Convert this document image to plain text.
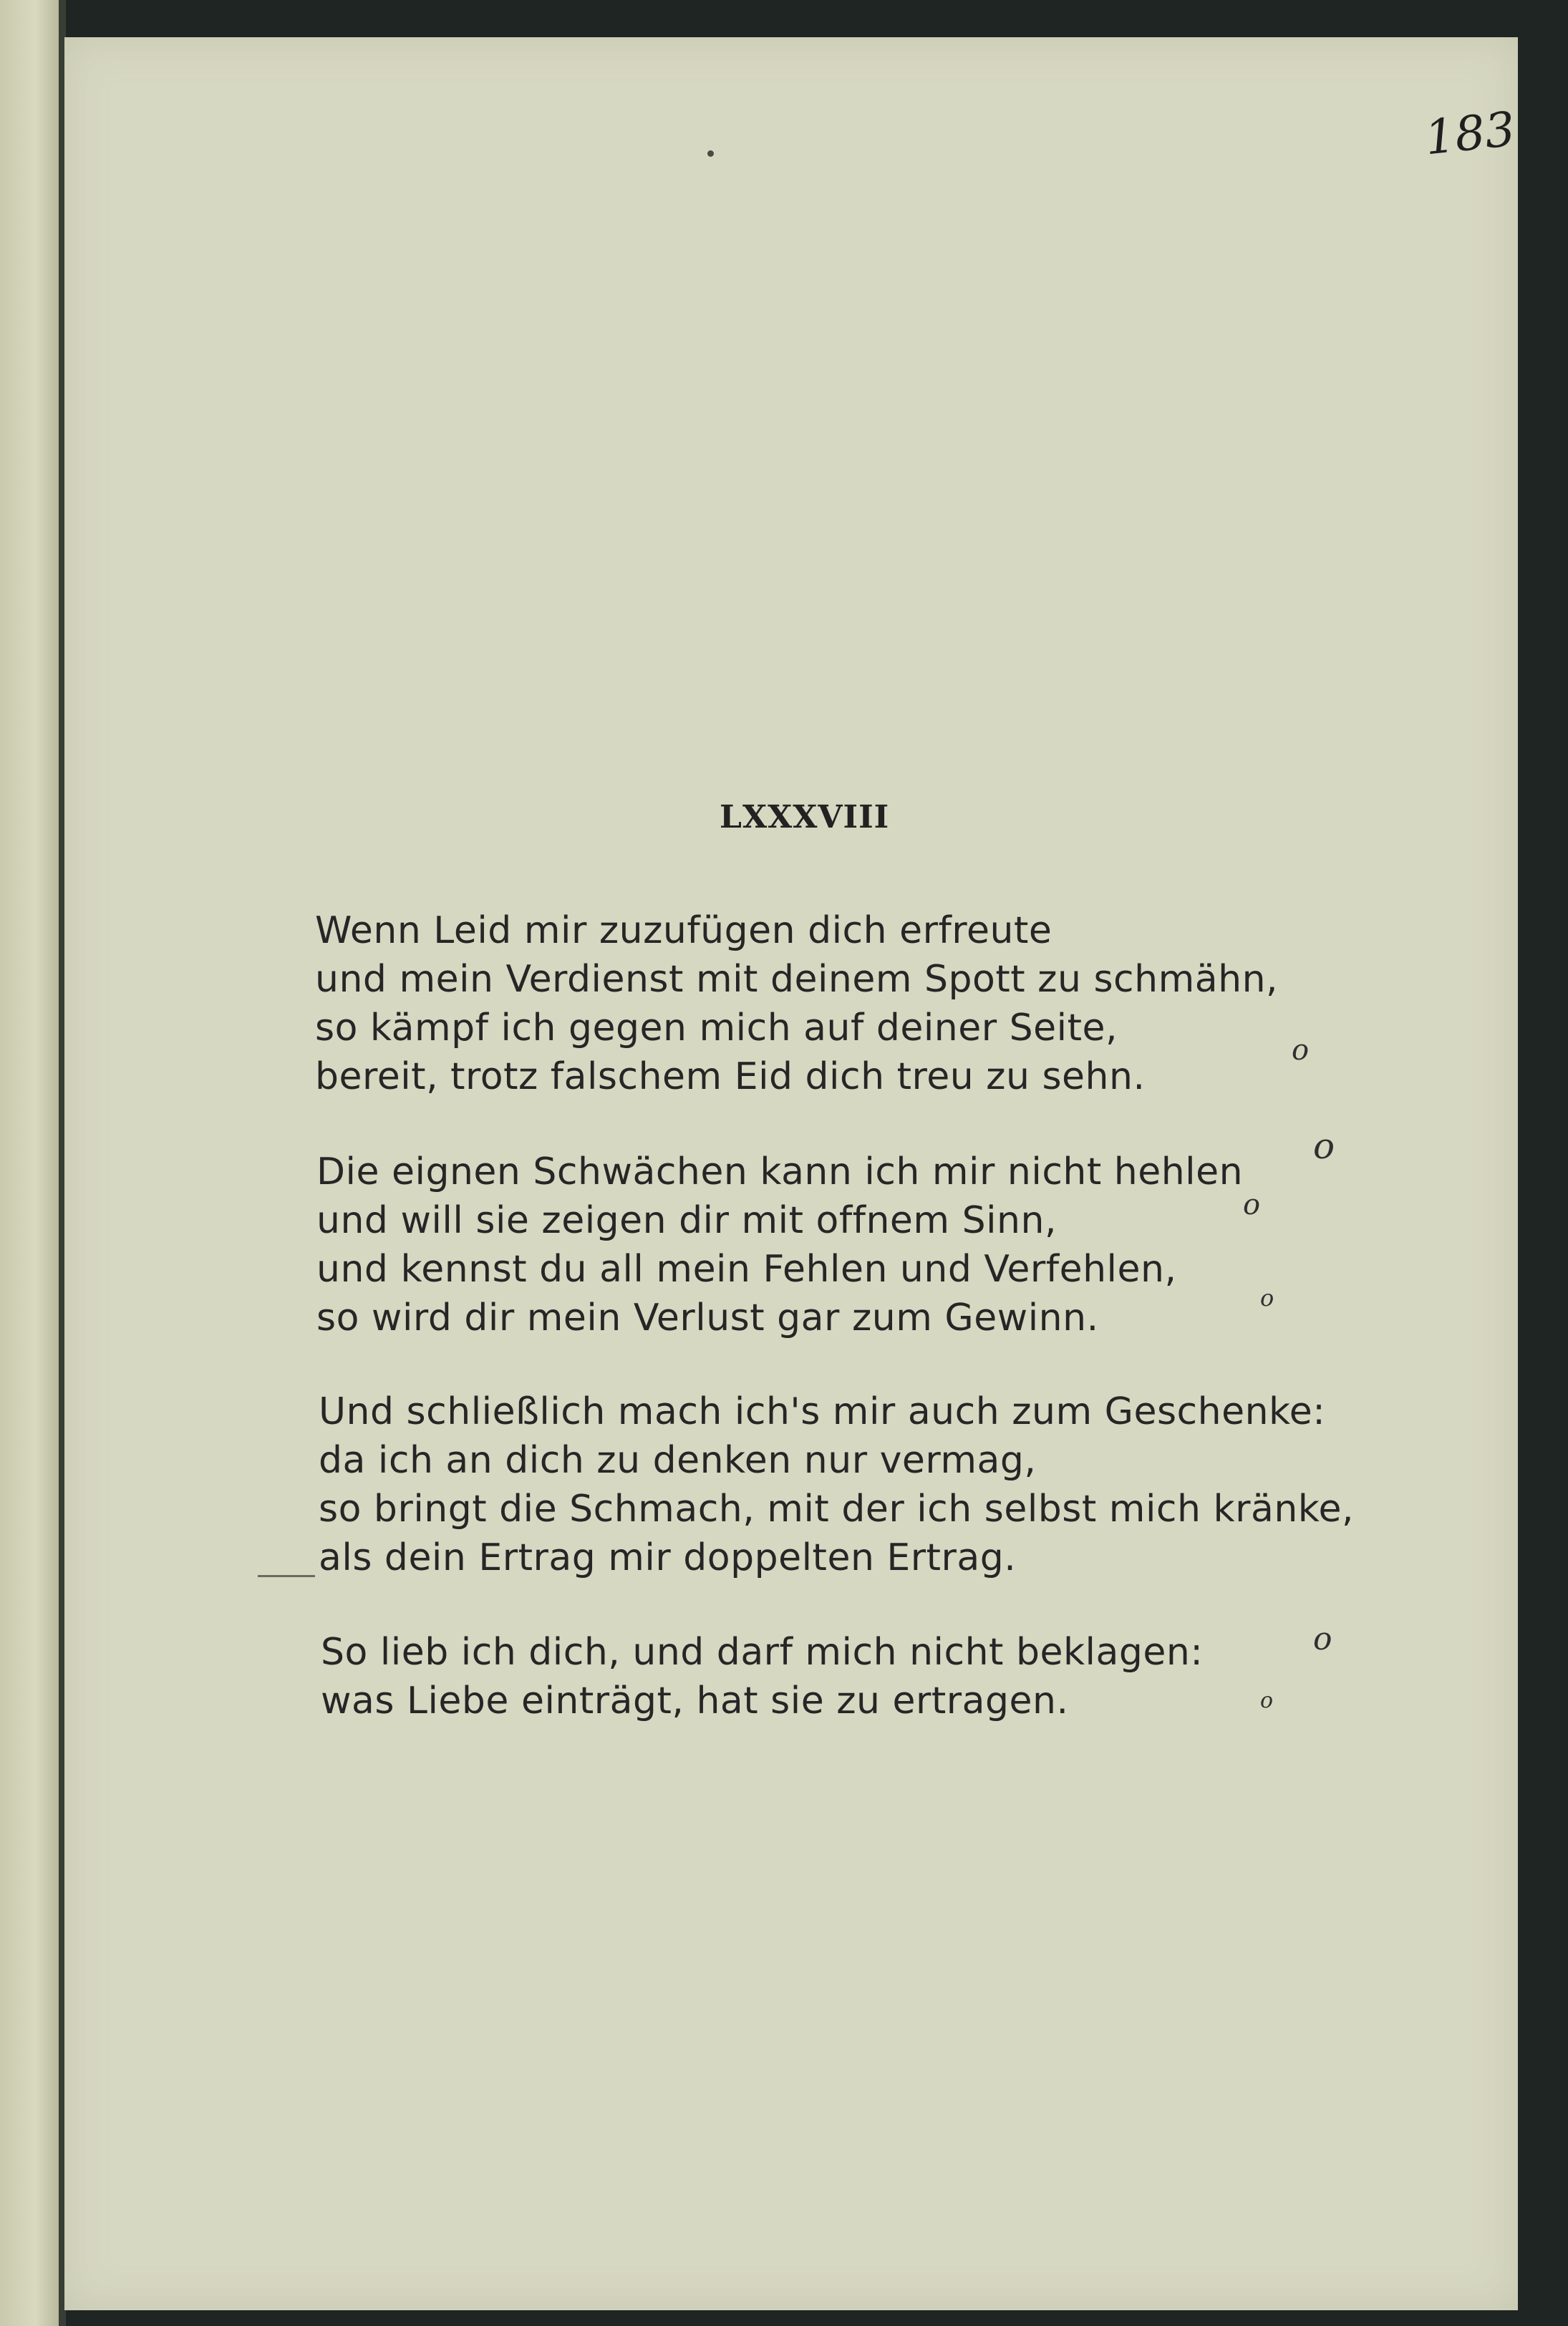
183
LXXXVIII
Wenn Leid mir zuzufügen dich erfreute
und mein Verdienst mit deinem Spott zu schmähn,
so kämpf ich gegen mich auf deiner Seite,
bereit, trotz falschem Eid dich treu zu sehn.
Die eignen Schwächen kann ich mir nicht hehlen
und will sie zeigen dir mit offnem Sinn,
und kennst du all mein Fehlen und Verfehlen,
so wird dir mein Verlust gar zum Gewinn.
Und schließlich mach ich's mir auch zum Geschenke:
da ich an dich zu denken nur vermag,
so bringt die Schmach, mit der ich selbst mich kränke,
als dein Ertrag mir doppelten Ertrag.
So lieb ich dich, und darf mich nicht beklagen:
was Liebe einträgt, hat sie zu ertragen.
o
o
o
o
o
o
